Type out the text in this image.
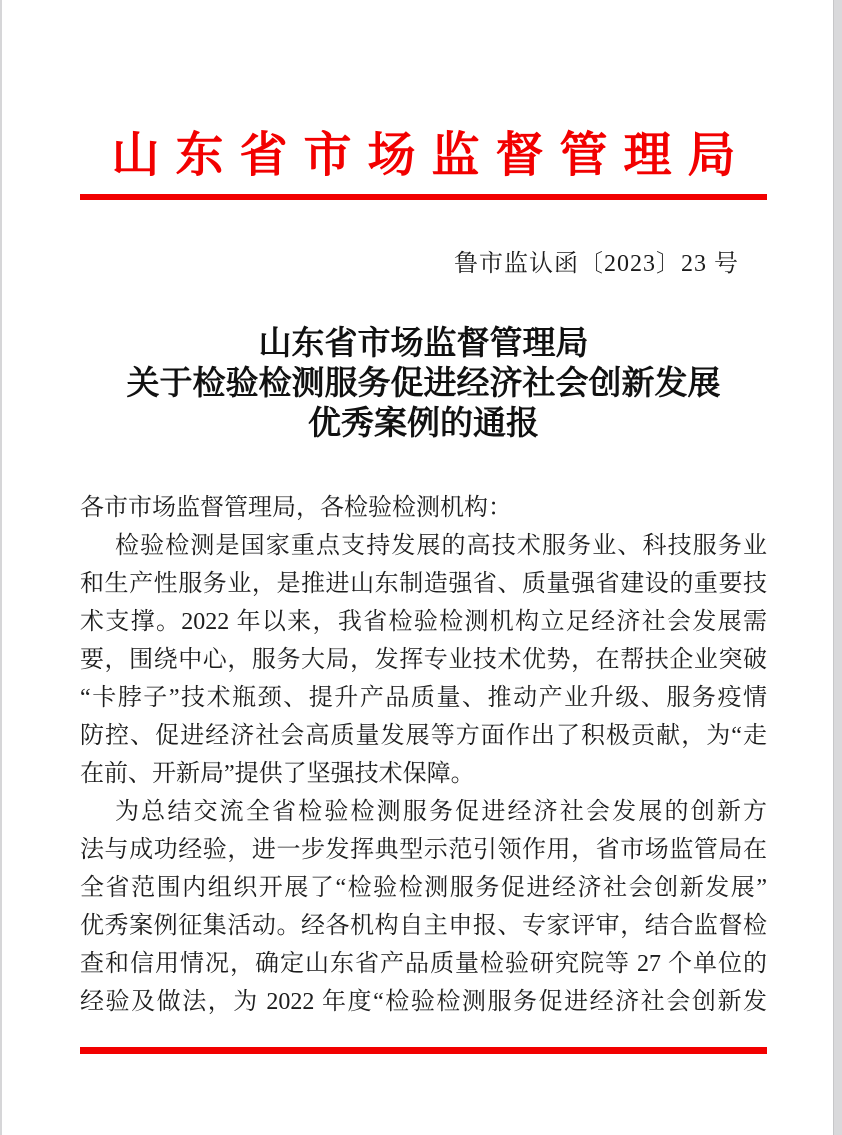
山东省市场监督管理局
鲁市监认函〔2023〕23 号
山东省市场监督管理局
关于检验检测服务促进经济社会创新发展
优秀案例的通报
各市市场监督管理局，各检验检测机构：
检验检测是国家重点支持发展的高技术服务业、科技服务业
和生产性服务业，是推进山东制造强省、质量强省建设的重要技
术支撑。2022 年以来，我省检验检测机构立足经济社会发展需
要，围绕中心，服务大局，发挥专业技术优势，在帮扶企业突破
“卡脖子”技术瓶颈、提升产品质量、推动产业升级、服务疫情
防控、促进经济社会高质量发展等方面作出了积极贡献，为“走
在前、开新局”提供了坚强技术保障。
为总结交流全省检验检测服务促进经济社会发展的创新方
法与成功经验，进一步发挥典型示范引领作用，省市场监管局在
全省范围内组织开展了“检验检测服务促进经济社会创新发展”
优秀案例征集活动。经各机构自主申报、专家评审，结合监督检
查和信用情况，确定山东省产品质量检验研究院等 27 个单位的
经验及做法，为 2022 年度“检验检测服务促进经济社会创新发
